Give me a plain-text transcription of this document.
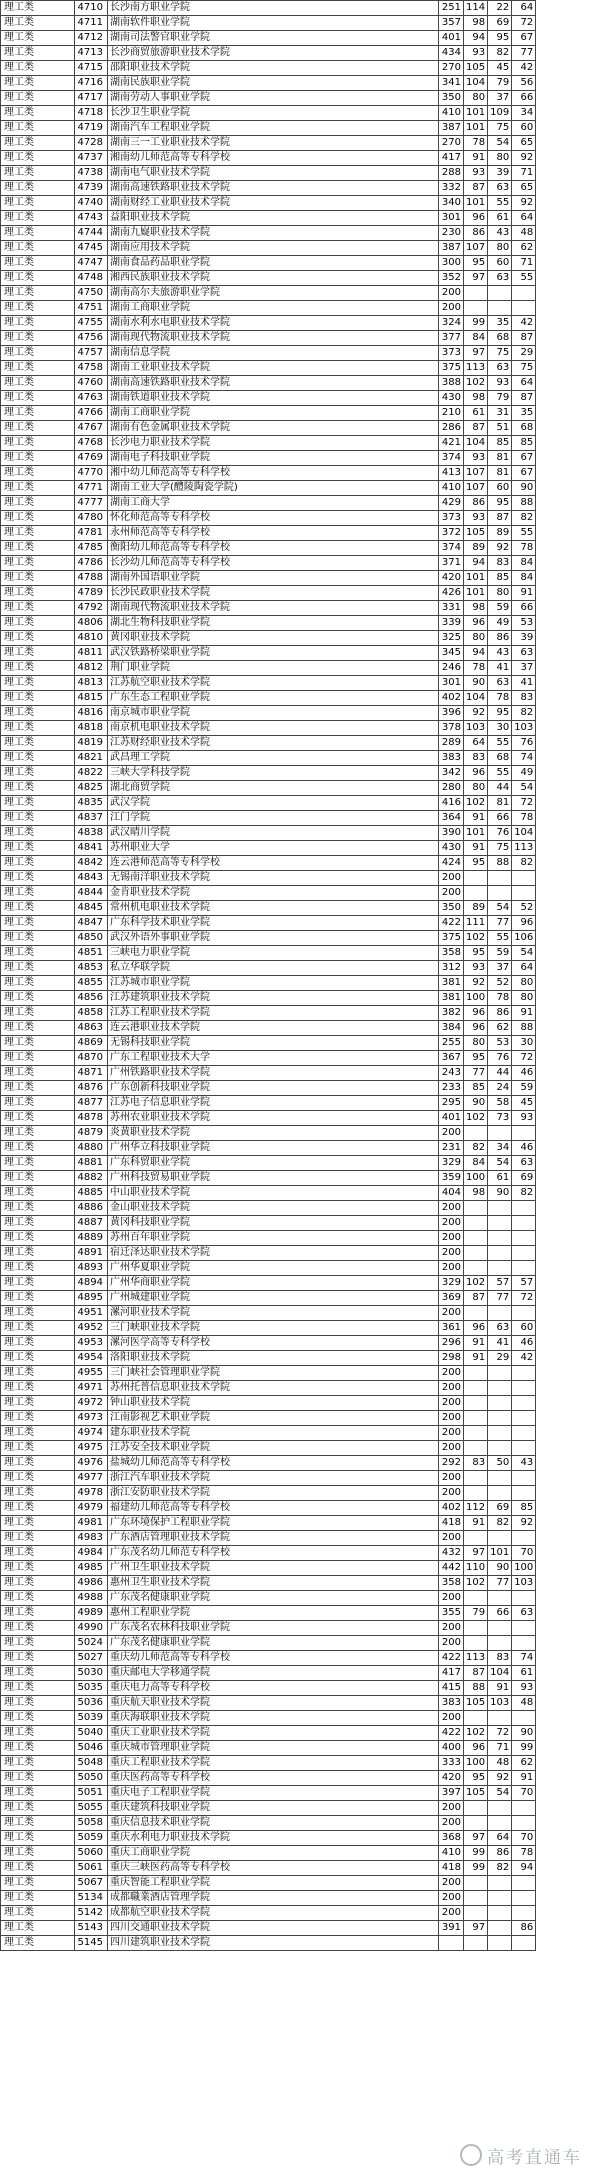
理工类	4710	长沙南方职业学院	251	114	22	64
理工类	4711	湖南软件职业学院	357	98	69	72
理工类	4712	湖南司法警官职业学院	401	94	95	67
理工类	4713	长沙商贸旅游职业技术学院	434	93	82	77
理工类	4715	邵阳职业技术学院	270	105	45	42
理工类	4716	湖南民族职业学院	341	104	79	56
理工类	4717	湖南劳动人事职业学院	350	80	37	66
理工类	4718	长沙卫生职业学院	410	101	109	34
理工类	4719	湖南汽车工程职业学院	387	101	75	60
理工类	4728	湖南三一工业职业技术学院	270	78	54	65
理工类	4737	湘南幼儿师范高等专科学校	417	91	80	92
理工类	4738	湖南电气职业技术学院	288	93	39	71
理工类	4739	湖南高速铁路职业技术学院	332	87	63	65
理工类	4740	湖南财经工业职业技术学院	340	101	55	92
理工类	4743	益阳职业技术学院	301	96	61	64
理工类	4744	湖南九嶷职业技术学院	230	86	43	48
理工类	4745	湖南应用技术学院	387	107	80	62
理工类	4747	湖南食品药品职业学院	300	95	60	71
理工类	4748	湘西民族职业技术学院	352	97	63	55
理工类	4750	湖南高尔夫旅游职业学院	200			
理工类	4751	湖南工商职业学院	200			
理工类	4755	湖南水利水电职业技术学院	324	99	35	42
理工类	4756	湖南现代物流职业技术学院	377	84	68	87
理工类	4757	湖南信息学院	373	97	75	29
理工类	4758	湖南工业职业技术学院	375	113	63	75
理工类	4760	湖南高速铁路职业技术学院	388	102	93	64
理工类	4763	湖南铁道职业技术学院	430	98	79	87
理工类	4766	湖南工商职业学院	210	61	31	35
理工类	4767	湖南有色金属职业技术学院	286	87	51	68
理工类	4768	长沙电力职业技术学院	421	104	85	85
理工类	4769	湖南电子科技职业学院	374	93	81	67
理工类	4770	湘中幼儿师范高等专科学校	413	107	81	67
理工类	4771	湖南工业大学(醴陵陶瓷学院)	410	107	60	90
理工类	4777	湖南工商大学	429	86	95	88
理工类	4780	怀化师范高等专科学校	373	93	87	82
理工类	4781	永州师范高等专科学校	372	105	89	55
理工类	4785	衡阳幼儿师范高等专科学校	374	89	92	78
理工类	4786	长沙幼儿师范高等专科学校	371	94	83	84
理工类	4788	湖南外国语职业学院	420	101	85	84
理工类	4789	长沙民政职业技术学院	426	101	80	91
理工类	4792	湖南现代物流职业技术学院	331	98	59	66
理工类	4806	湖北生物科技职业学院	339	96	49	53
理工类	4810	黄冈职业技术学院	325	80	86	39
理工类	4811	武汉铁路桥梁职业学院	345	94	43	63
理工类	4812	荆门职业学院	246	78	41	37
理工类	4813	江苏航空职业技术学院	301	90	63	41
理工类	4815	广东生态工程职业学院	402	104	78	83
理工类	4816	南京城市职业学院	396	92	95	82
理工类	4818	南京机电职业技术学院	378	103	30	103
理工类	4819	江苏财经职业技术学院	289	64	55	76
理工类	4821	武昌理工学院	383	83	68	74
理工类	4822	三峡大学科技学院	342	96	55	49
理工类	4825	湖北商贸学院	280	80	44	54
理工类	4835	武汉学院	416	102	81	72
理工类	4837	江门学院	364	91	66	78
理工类	4838	武汉晴川学院	390	101	76	104
理工类	4841	苏州职业大学	430	91	75	113
理工类	4842	连云港师范高等专科学校	424	95	88	82
理工类	4843	无锡南洋职业技术学院	200			
理工类	4844	金肯职业技术学院	200			
理工类	4845	常州机电职业技术学院	350	89	54	52
理工类	4847	广东科学技术职业学院	422	111	77	96
理工类	4850	武汉外语外事职业学院	375	102	55	106
理工类	4851	三峡电力职业学院	358	95	59	54
理工类	4853	私立华联学院	312	93	37	64
理工类	4855	江苏城市职业学院	381	92	52	80
理工类	4856	江苏建筑职业技术学院	381	100	78	80
理工类	4858	江苏工程职业技术学院	382	96	86	91
理工类	4863	连云港职业技术学院	384	96	62	88
理工类	4869	无锡科技职业学院	255	80	53	30
理工类	4870	广东工程职业技术大学	367	95	76	72
理工类	4871	广州铁路职业技术学院	243	77	44	46
理工类	4876	广东创新科技职业学院	233	85	24	59
理工类	4877	江苏电子信息职业学院	295	90	58	45
理工类	4878	苏州农业职业技术学院	401	102	73	93
理工类	4879	炎黄职业技术学院	200			
理工类	4880	广州华立科技职业学院	231	82	34	46
理工类	4881	广东科贸职业学院	329	84	54	63
理工类	4882	广州科技贸易职业学院	359	100	61	69
理工类	4885	中山职业技术学院	404	98	90	82
理工类	4886	金山职业技术学院	200			
理工类	4887	黄冈科技职业学院	200			
理工类	4889	苏州百年职业学院	200			
理工类	4891	宿迁泽达职业技术学院	200			
理工类	4893	广州华夏职业学院	200			
理工类	4894	广州华商职业学院	329	102	57	57
理工类	4895	广州城建职业学院	369	87	77	72
理工类	4951	漯河职业技术学院	200			
理工类	4952	三门峡职业技术学院	361	96	63	60
理工类	4953	漯河医学高等专科学校	296	91	41	46
理工类	4954	洛阳职业技术学院	298	91	29	42
理工类	4955	三门峡社会管理职业学院	200			
理工类	4971	苏州托普信息职业技术学院	200			
理工类	4972	钟山职业技术学院	200			
理工类	4973	江南影视艺术职业学院	200			
理工类	4974	建东职业技术学院	200			
理工类	4975	江苏安全技术职业学院	200			
理工类	4976	盐城幼儿师范高等专科学校	292	83	50	43
理工类	4977	浙江汽车职业技术学院	200			
理工类	4978	浙江安防职业技术学院	200			
理工类	4979	福建幼儿师范高等专科学校	402	112	69	85
理工类	4981	广东环境保护工程职业学院	418	91	82	92
理工类	4983	广东酒店管理职业技术学院	200			
理工类	4984	广东茂名幼儿师范专科学校	432	97	101	70
理工类	4985	广州卫生职业技术学院	442	110	90	100
理工类	4986	惠州卫生职业技术学院	358	102	77	103
理工类	4988	广东茂名健康职业学院	200			
理工类	4989	惠州工程职业学院	355	79	66	63
理工类	4990	广东茂名农林科技职业学院	200			
理工类	5024	广东茂名健康职业学院	200			
理工类	5027	重庆幼儿师范高等专科学校	422	113	83	74
理工类	5030	重庆邮电大学移通学院	417	87	104	61
理工类	5035	重庆电力高等专科学校	415	88	91	93
理工类	5036	重庆航天职业技术学院	383	105	103	48
理工类	5039	重庆海联职业技术学院	200			
理工类	5040	重庆工业职业技术学院	422	102	72	90
理工类	5046	重庆城市管理职业学院	400	96	71	99
理工类	5048	重庆工程职业技术学院	333	100	48	62
理工类	5050	重庆医药高等专科学校	420	95	92	91
理工类	5051	重庆电子工程职业学院	397	105	54	70
理工类	5055	重庆建筑科技职业学院	200			
理工类	5058	重庆信息技术职业学院	200			
理工类	5059	重庆水利电力职业技术学院	368	97	64	70
理工类	5060	重庆工商职业学院	410	99	86	78
理工类	5061	重庆三峡医药高等专科学校	418	99	82	94
理工类	5067	重庆智能工程职业学院	200			
理工类	5134	成都職業酒店管理学院	200			
理工类	5142	成都航空职业技术学院	200			
理工类	5143	四川交通职业技术学院	391	97		86
理工类	5145	四川建筑职业技术学院				
高考直通车
